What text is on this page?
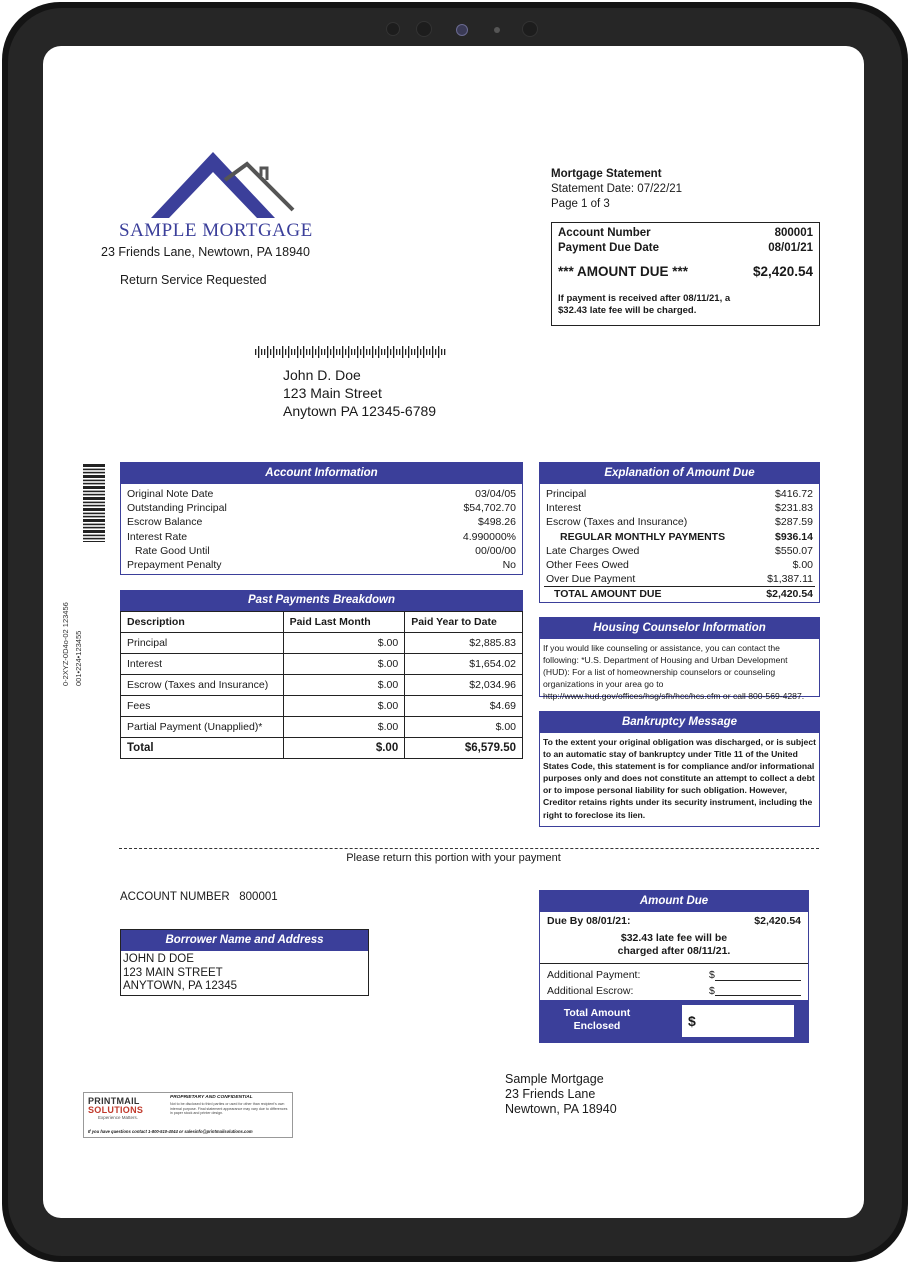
SAMPLE MORTGAGE
23 Friends Lane, Newtown, PA 18940
Return Service Requested
Mortgage Statement
Statement Date: 07/22/21
Page 1 of 3
Account Number	800001
Payment Due Date	08/01/21
*** AMOUNT DUE ***	$2,420.54
If payment is received after 08/11/21, a
$32.43 late fee will be charged.
John D. Doe
123 Main Street
Anytown PA 12345-6789
0-2XYZ-0D4o-02 123456 001•224•123455
Account Information
Original Note Date	03/04/05
Outstanding Principal	$54,702.70
Escrow Balance	$498.26
Interest Rate	4.990000%
Rate Good Until	00/00/00
Prepayment Penalty	No
Explanation of Amount Due
Principal	$416.72
Interest	$231.83
Escrow (Taxes and Insurance)	$287.59
REGULAR MONTHLY PAYMENTS	$936.14
Late Charges Owed	$550.07
Other Fees Owed	$.00
Over Due Payment	$1,387.11
TOTAL AMOUNT DUE	$2,420.54
Past Payments Breakdown
Description	Paid Last Month	Paid Year to Date
Principal	$.00	$2,885.83
Interest	$.00	$1,654.02
Escrow (Taxes and Insurance)	$.00	$2,034.96
Fees	$.00	$4.69
Partial Payment (Unapplied)*	$.00	$.00
Total	$.00	$6,579.50
Housing Counselor Information
If you would like counseling or assistance, you can contact the following: *U.S. Department of Housing and Urban Development (HUD): For a list of homeownership counselors or counseling organizations in your area go to http://www.hud.gov/offices/hsg/sfh/hcc/hcs.cfm or call 800-569-4287.
Bankruptcy Message
To the extent your original obligation was discharged, or is subject to an automatic stay of bankruptcy under Title 11 of the United States Code, this statement is for compliance and/or informational purposes only and does not constitute an attempt to collect a debt or to impose personal liability for such obligation. However, Creditor retains rights under its security instrument, including the right to foreclose its lien.
Please return this portion with your payment
ACCOUNT NUMBER   800001
Borrower Name and Address
JOHN D DOE
123 MAIN STREET
ANYTOWN, PA 12345
Amount Due
Due By 08/01/21:	$2,420.54
$32.43 late fee will be
charged after 08/11/21.
Additional Payment:	$
Additional Escrow:	$
Total Amount
Enclosed	$
Sample Mortgage
23 Friends Lane
Newtown, PA 18940
PRINTMAIL
SOLUTIONS
Experience Matters.
PROPRIETARY AND CONFIDENTIAL
Not to be disclosed to third parties or used for other than recipient's own internal purpose. Final statement appearance may vary due to differences in paper stock and printer design.
If you have questions contact 1-800-510-4044 or salesinfo@printmailsolutions.com
